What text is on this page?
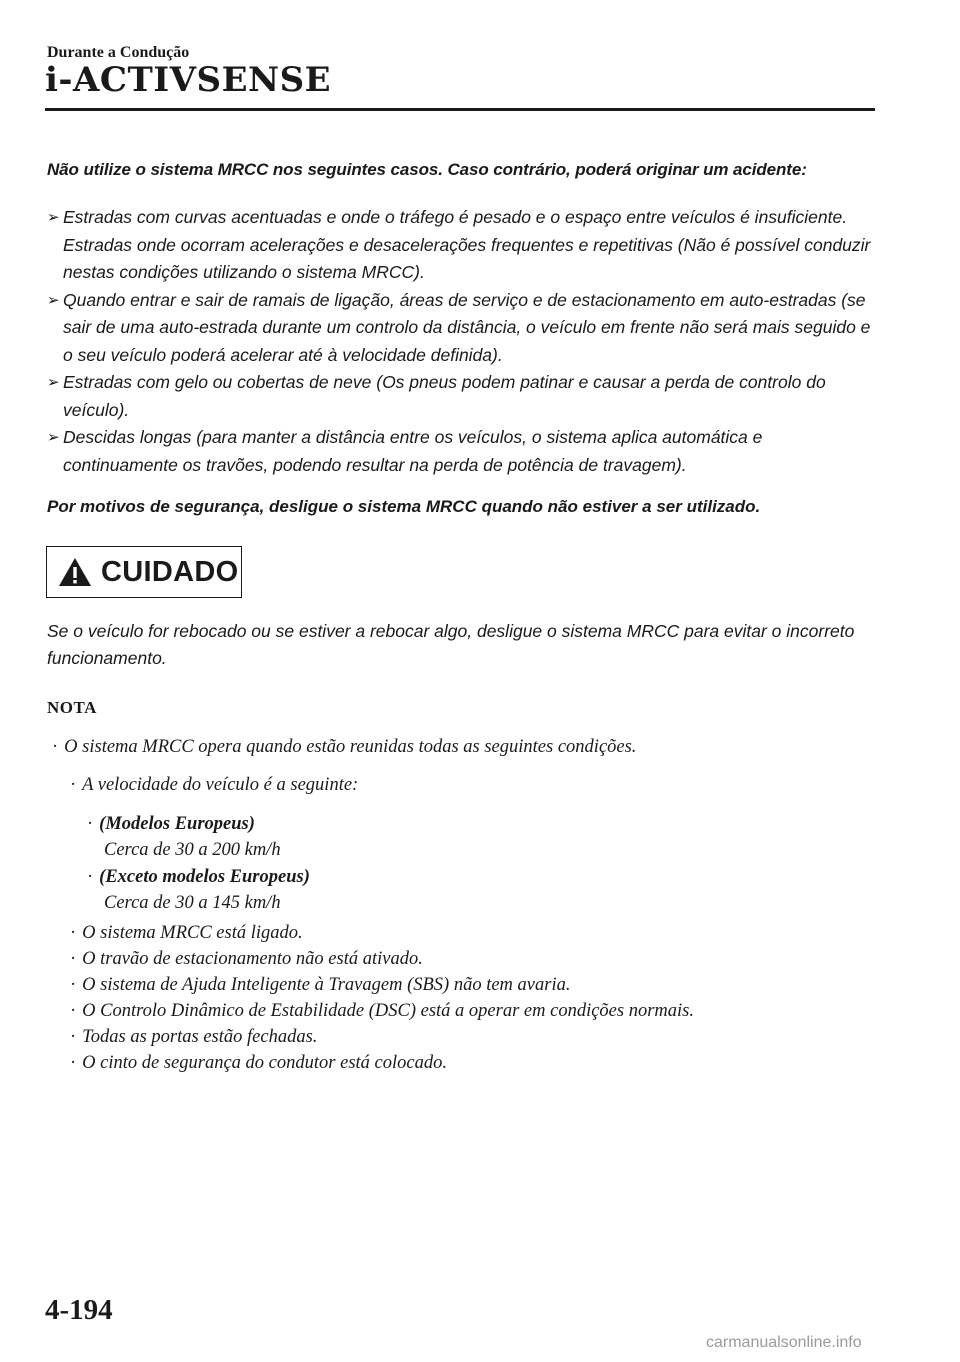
Durante a Condução
i-ACTIVSENSE
Não utilize o sistema MRCC nos seguintes casos. Caso contrário, poderá originar um acidente:
➢ Estradas com curvas acentuadas e onde o tráfego é pesado e o espaço entre veículos é insuficiente. Estradas onde ocorram acelerações e desacelerações frequentes e repetitivas (Não é possível conduzir nestas condições utilizando o sistema MRCC).
➢ Quando entrar e sair de ramais de ligação, áreas de serviço e de estacionamento em auto-estradas (se sair de uma auto-estrada durante um controlo da distância, o veículo em frente não será mais seguido e o seu veículo poderá acelerar até à velocidade definida).
➢ Estradas com gelo ou cobertas de neve (Os pneus podem patinar e causar a perda de controlo do veículo).
➢ Descidas longas (para manter a distância entre os veículos, o sistema aplica automática e continuamente os travões, podendo resultar na perda de potência de travagem).
Por motivos de segurança, desligue o sistema MRCC quando não estiver a ser utilizado.
CUIDADO
Se o veículo for rebocado ou se estiver a rebocar algo, desligue o sistema MRCC para evitar o incorreto funcionamento.
NOTA
· O sistema MRCC opera quando estão reunidas todas as seguintes condições.
· A velocidade do veículo é a seguinte:
· (Modelos Europeus)
Cerca de 30 a 200 km/h
· (Exceto modelos Europeus)
Cerca de 30 a 145 km/h
· O sistema MRCC está ligado.
· O travão de estacionamento não está ativado.
· O sistema de Ajuda Inteligente à Travagem (SBS) não tem avaria.
· O Controlo Dinâmico de Estabilidade (DSC) está a operar em condições normais.
· Todas as portas estão fechadas.
· O cinto de segurança do condutor está colocado.
4-194
carmanualsonline.info
